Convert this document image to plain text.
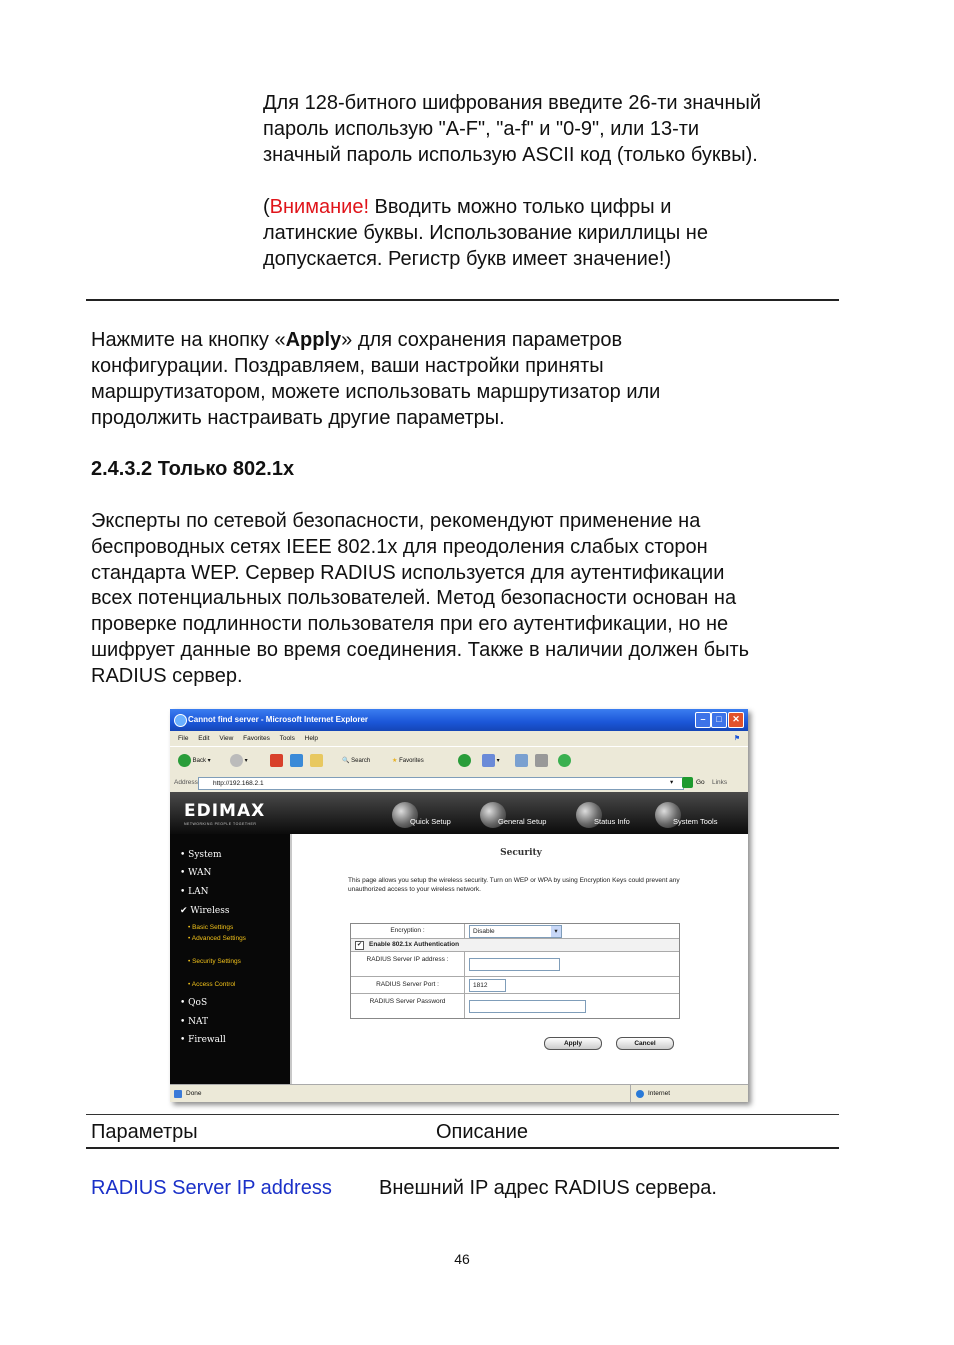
Для 128-битного шифрования введите 26-ти значный

пароль использую "A-F", "a-f" и "0-9", или 13-ти

значный пароль использую ASCII код (только буквы).

(Внимание! Вводить можно только цифры и

латинские буквы. Использование кириллицы не

допускается. Регистр букв имеет значение!)

Нажмите на кнопку «Apply» для сохранения параметров

конфигурации. Поздравляем, ваши настройки приняты

маршрутизатором, можете использовать маршрутизатор или

продолжить настраивать другие параметры.

2.4.3.2 Только 802.1x

Эксперты по сетевой безопасности, рекомендуют применение на

беспроводных сетях IEEE 802.1x для преодоления слабых сторон

стандарта WEP. Сервер RADIUS используется для аутентификации

всех потенциальных пользователей. Метод безопасности основан на

проверке подлинности пользователя при его аутентификации, но не

шифрует данные во время соединения. Также в наличии должен быть

RADIUS сервер.

Cannot find server - Microsoft Internet Explorer	–	□	✕
File Edit View Favorites Tools Help	⚑
Back ▾	▾	🔍 Search	★ Favorites	▾
Address	http://192.168.2.1	▾	Go Links
EDIMAX
NETWORKING PEOPLE TOGETHER	Quick Setup	General Setup	Status Info	System Tools
• System
• WAN
• LAN
✔ Wireless
• Basic Settings
• Advanced Settings
• Security Settings
• Access Control
• QoS
• NAT
• Firewall
Security
This page allows you setup the wireless security. Turn on WEP or WPA by using Encryption Keys could prevent any unauthorized access to your wireless network.
Encryption :	Disable	▾
✔	Enable 802.1x Authentication
RADIUS Server IP address :
RADIUS Server Port :	1812
RADIUS Server Password
Apply	Cancel
Done	Internet

Параметры	Описание

RADIUS Server IP address Внешний IP адрес RADIUS сервера.

46
